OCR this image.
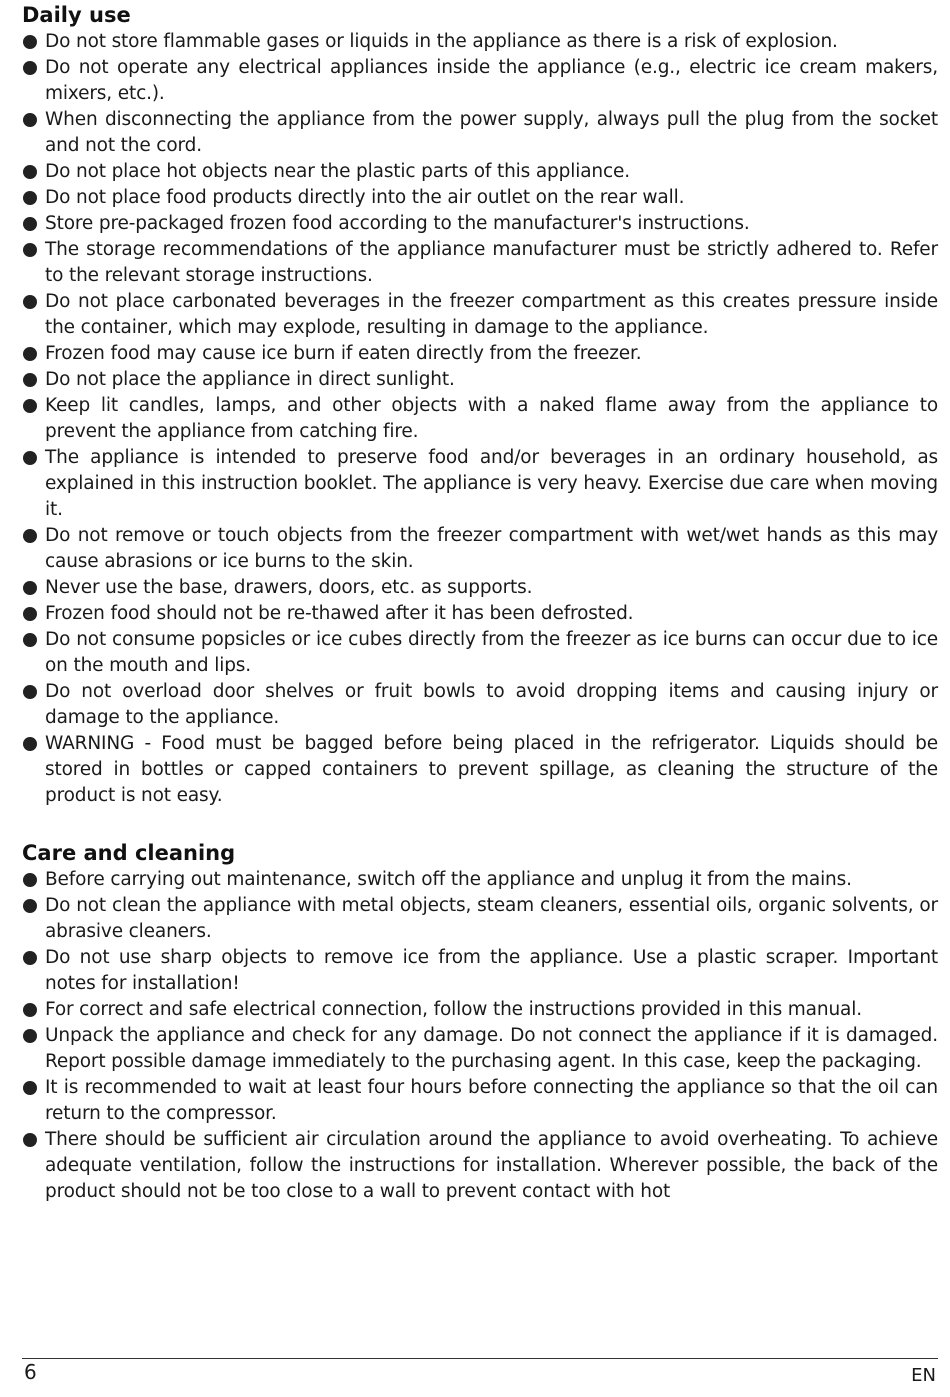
Daily use
Do not store flammable gases or liquids in the appliance as there is a risk of explosion.
Do not operate any electrical appliances inside the appliance (e.g., electric ice cream makers, mixers, etc.).
When disconnecting the appliance from the power supply, always pull the plug from the socket and not the cord.
Do not place hot objects near the plastic parts of this appliance.
Do not place food products directly into the air outlet on the rear wall.
Store pre-packaged frozen food according to the manufacturer's instructions.
The storage recommendations of the appliance manufacturer must be strictly adhered to. Refer to the relevant storage instructions.
Do not place carbonated beverages in the freezer compartment as this creates pressure inside the container, which may explode, resulting in damage to the appliance.
Frozen food may cause ice burn if eaten directly from the freezer.
Do not place the appliance in direct sunlight.
Keep lit candles, lamps, and other objects with a naked flame away from the appliance to prevent the appliance from catching fire.
The appliance is intended to preserve food and/or beverages in an ordinary household, as explained in this instruction booklet. The appliance is very heavy. Exercise due care when moving it.
Do not remove or touch objects from the freezer compartment with wet/wet hands as this may cause abrasions or ice burns to the skin.
Never use the base, drawers, doors, etc. as supports.
Frozen food should not be re-thawed after it has been defrosted.
Do not consume popsicles or ice cubes directly from the freezer as ice burns can occur due to ice on the mouth and lips.
Do not overload door shelves or fruit bowls to avoid dropping items and causing injury or damage to the appliance.
WARNING - Food must be bagged before being placed in the refrigerator. Liquids should be stored in bottles or capped containers to prevent spillage, as cleaning the structure of the product is not easy.
Care and cleaning
Before carrying out maintenance, switch off the appliance and unplug it from the mains.
Do not clean the appliance with metal objects, steam cleaners, essential oils, organic solvents, or abrasive cleaners.
Do not use sharp objects to remove ice from the appliance. Use a plastic scraper. Important notes for installation!
For correct and safe electrical connection, follow the instructions provided in this manual.
Unpack the appliance and check for any damage. Do not connect the appliance if it is damaged. Report possible damage immediately to the purchasing agent. In this case, keep the packaging.
It is recommended to wait at least four hours before connecting the appliance so that the oil can return to the compressor.
There should be sufficient air circulation around the appliance to avoid overheating. To achieve adequate ventilation, follow the instructions for installation. Wherever possible, the back of the product should not be too close to a wall to prevent contact with hot
6	EN
